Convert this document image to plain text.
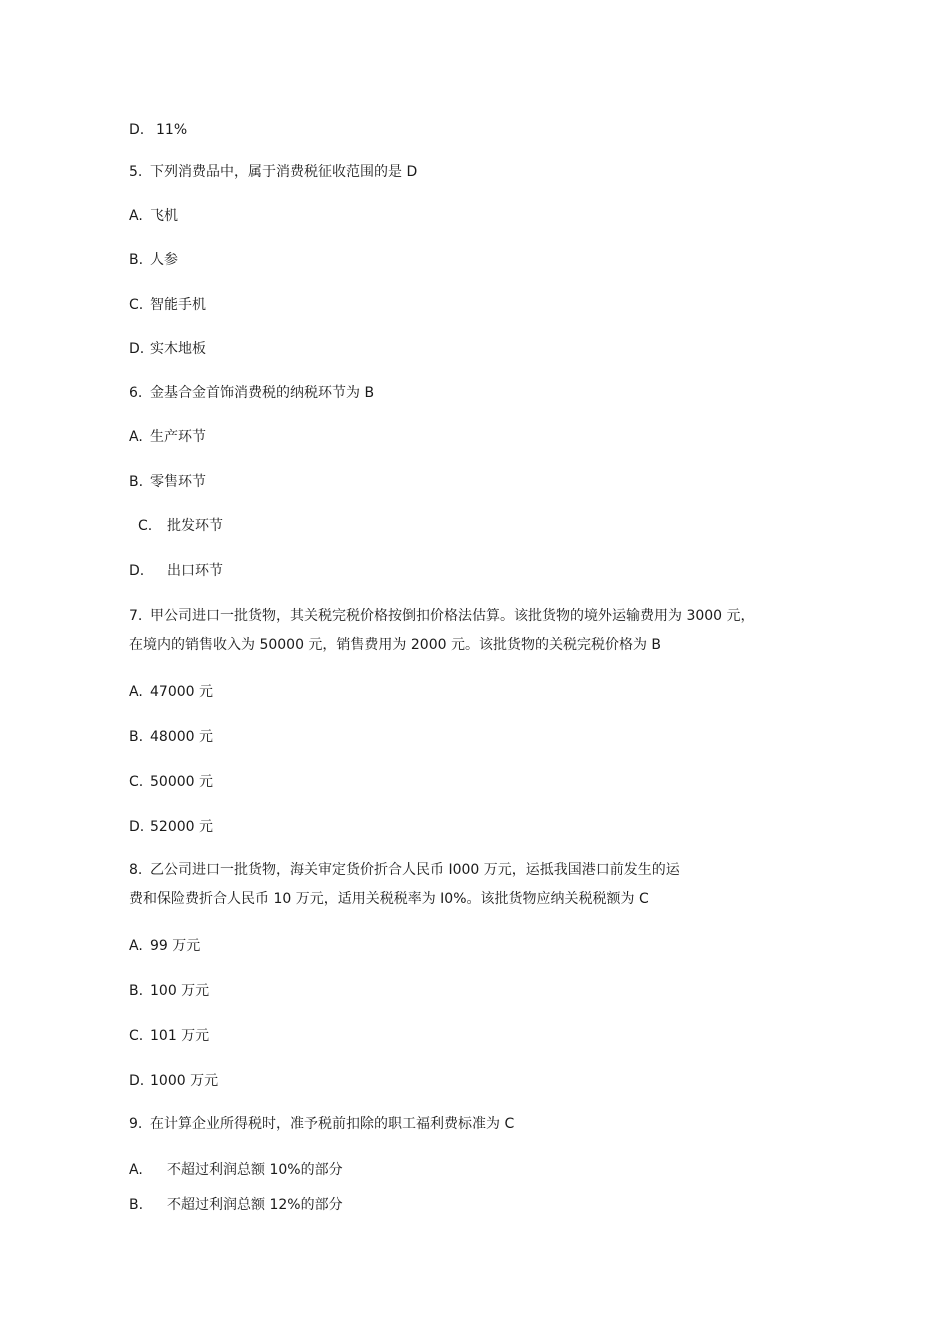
D. 11%
5. 下列消费品中，属于消费税征收范围的是 D
A. 飞机
B. 人参
C. 智能手机
D. 实木地板
6. 金基合金首饰消费税的纳税环节为 B
A. 生产环节
B. 零售环节
C. 批发环节
D. 出口环节
7. 甲公司进口一批货物，其关税完税价格按倒扣价格法估算。该批货物的境外运输费用为 3000 元，
在境内的销售收入为 50000 元，销售费用为 2000 元。该批货物的关税完税价格为 B
A. 47000 元
B. 48000 元
C. 50000 元
D. 52000 元
8. 乙公司进口一批货物，海关审定货价折合人民币 I000 万元，运抵我国港口前发生的运
费和保险费折合人民币 10 万元，适用关税税率为 I0%。该批货物应纳关税税额为 C
A. 99 万元
B. 100 万元
C. 101 万元
D. 1000 万元
9. 在计算企业所得税时，准予税前扣除的职工福利费标准为 C
A. 不超过利润总额 10%的部分
B. 不超过利润总额 12%的部分
